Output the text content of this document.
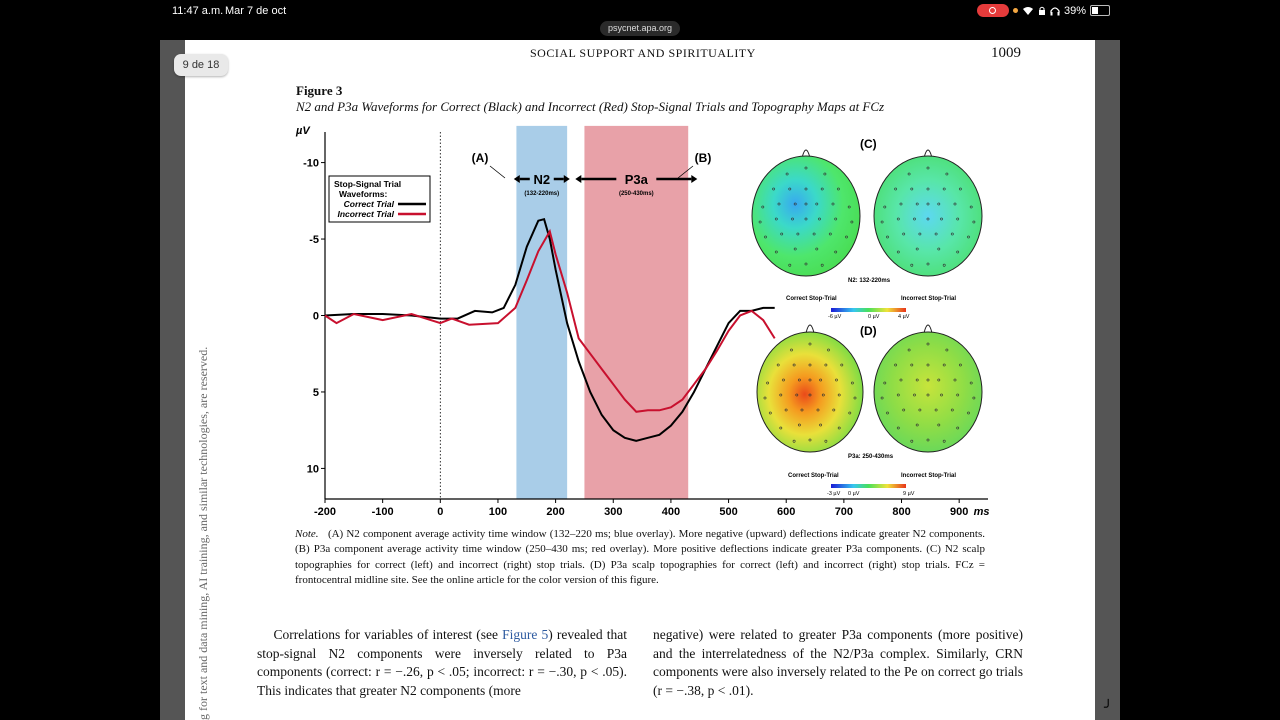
11:47 a.m. Mar 7 de oct
psycnet.apa.org
39%
9 de 18
SOCIAL SUPPORT AND SPIRITUALITY	1009
g for text and data mining, AI training, and similar technologies, are reserved.
Figure 3
N2 and P3a Waveforms for Correct (Black) and Incorrect (Red) Stop-Signal Trials and Topography Maps at FCz
-200	-100	0	100	200	300	400	500	600	700	800	900 ms
-10
-5
0
5
10
µV
N2
(132-220ms)
P3a
(250-430ms)
(A)	(B)
Stop-Signal Trial
Waveforms:
Correct Trial
Incorrect Trial
(C)
(D)
Correct Stop-Trial
N2: 132-220ms
Incorrect Stop-Trial
-6 µV	0 µV	4 µV
P3a: 250-430ms
Correct Stop-Trial	Incorrect Stop-Trial
-3 µV 0 µV	9 µV
Note. (A) N2 component average activity time window (132–220 ms; blue overlay). More negative (upward) deflections indicate greater N2 components. (B) P3a component average activity time window (250–430 ms; red overlay). More positive deflections indicate greater P3a components. (C) N2 scalp topographies for correct (left) and incorrect (right) stop trials. (D) P3a scalp topographies for correct (left) and incorrect (right) stop trials. FCz = frontocentral midline site. See the online article for the color version of this figure.
Correlations for variables of interest (see Figure 5) revealed that stop-signal N2 components were inversely related to P3a components (correct: r = −.26, p < .05; incorrect: r = −.30, p < .05). This indicates that greater N2 components (more
negative) were related to greater P3a components (more positive) and the interrelatedness of the N2/P3a complex. Similarly, CRN components were also inversely related to the Pe on correct go trials (r = −.38, p < .01).
╯
